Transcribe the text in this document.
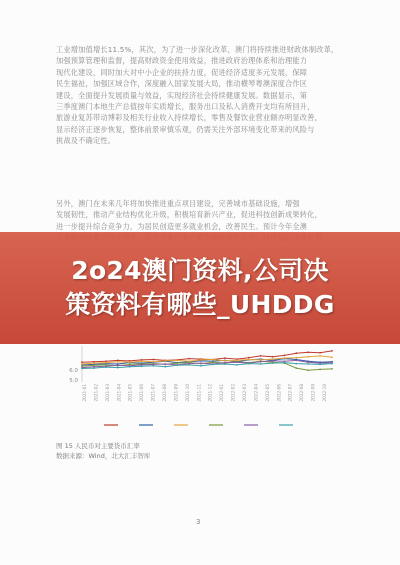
工业增加值增长11.5%，其次，为了进一步深化改革，澳门将持续推进财政体制改革，
加强预算管理和监督，提高财政资金使用效益，推进政府治理体系和治理能力
现代化建设，同时加大对中小企业的扶持力度，促进经济适度多元发展，保障
民生福祉，加强区域合作，深度融入国家发展大局，推动横琴粤澳深度合作区
建设，全面提升发展质量与效益，实现经济社会持续健康发展。数据显示，第
三季度澳门本地生产总值按年实质增长，服务出口及私人消费开支均有所回升，
旅游业复苏带动博彩及相关行业收入持续增长，零售及餐饮业营业额亦明显改善，
显示经济正逐步恢复，整体前景审慎乐观，仍需关注外部环境变化带来的风险与
挑战及不确定性。
另外，澳门在未来几年将加快推进重点项目建设，完善城市基础设施，增强
发展韧性，推动产业结构优化升级，积极培育新兴产业，促进科技创新成果转化，
进一步提升综合竞争力，为居民创造更多就业机会，改善民生。预计今年全澳
2o24澳门资料,公司决
策资料有哪些_UHDDG
6.0
5.0
2021-01 2021-02 2021-03 2021-04 2021-05 2021-06 2021-07 2021-08 2021-09 2021-10 2021-11 2021-12 2022-01 2022-02 2022-03 2022-04 2022-05 2022-06 2022-07 2022-08 2022-09 2022-10
图 15 人民币对主要货币汇率
数据来源：Wind，北大汇丰智库
3
